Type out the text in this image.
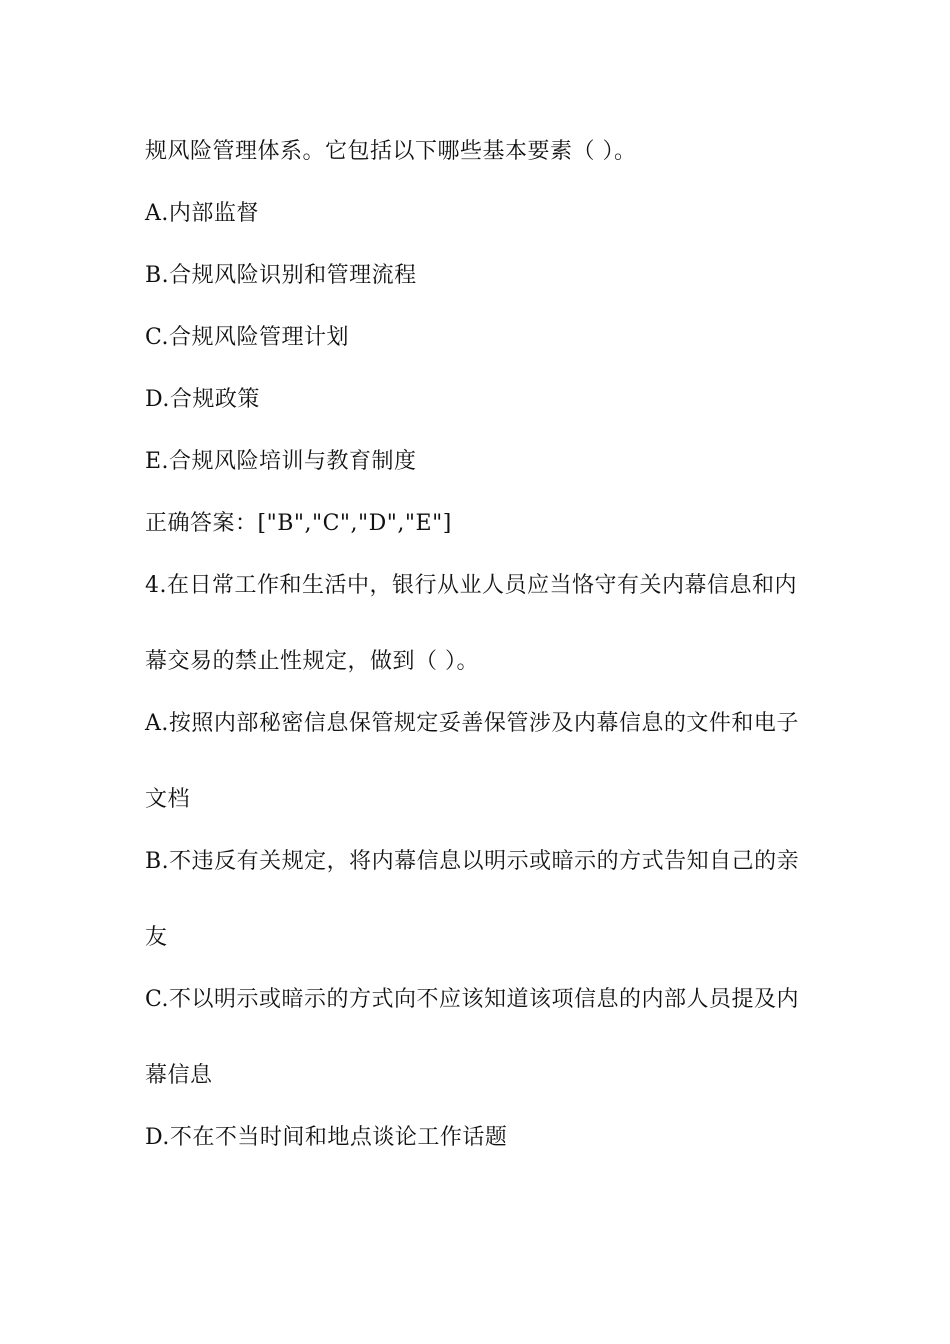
规风险管理体系。它包括以下哪些基本要素（ ）。
A.内部监督
B.合规风险识别和管理流程
C.合规风险管理计划
D.合规政策
E.合规风险培训与教育制度
正确答案：["B","C","D","E"]
4.在日常工作和生活中，银行从业人员应当恪守有关内幕信息和内
幕交易的禁止性规定，做到（ ）。
A.按照内部秘密信息保管规定妥善保管涉及内幕信息的文件和电子
文档
B.不违反有关规定，将内幕信息以明示或暗示的方式告知自己的亲
友
C.不以明示或暗示的方式向不应该知道该项信息的内部人员提及内
幕信息
D.不在不当时间和地点谈论工作话题
